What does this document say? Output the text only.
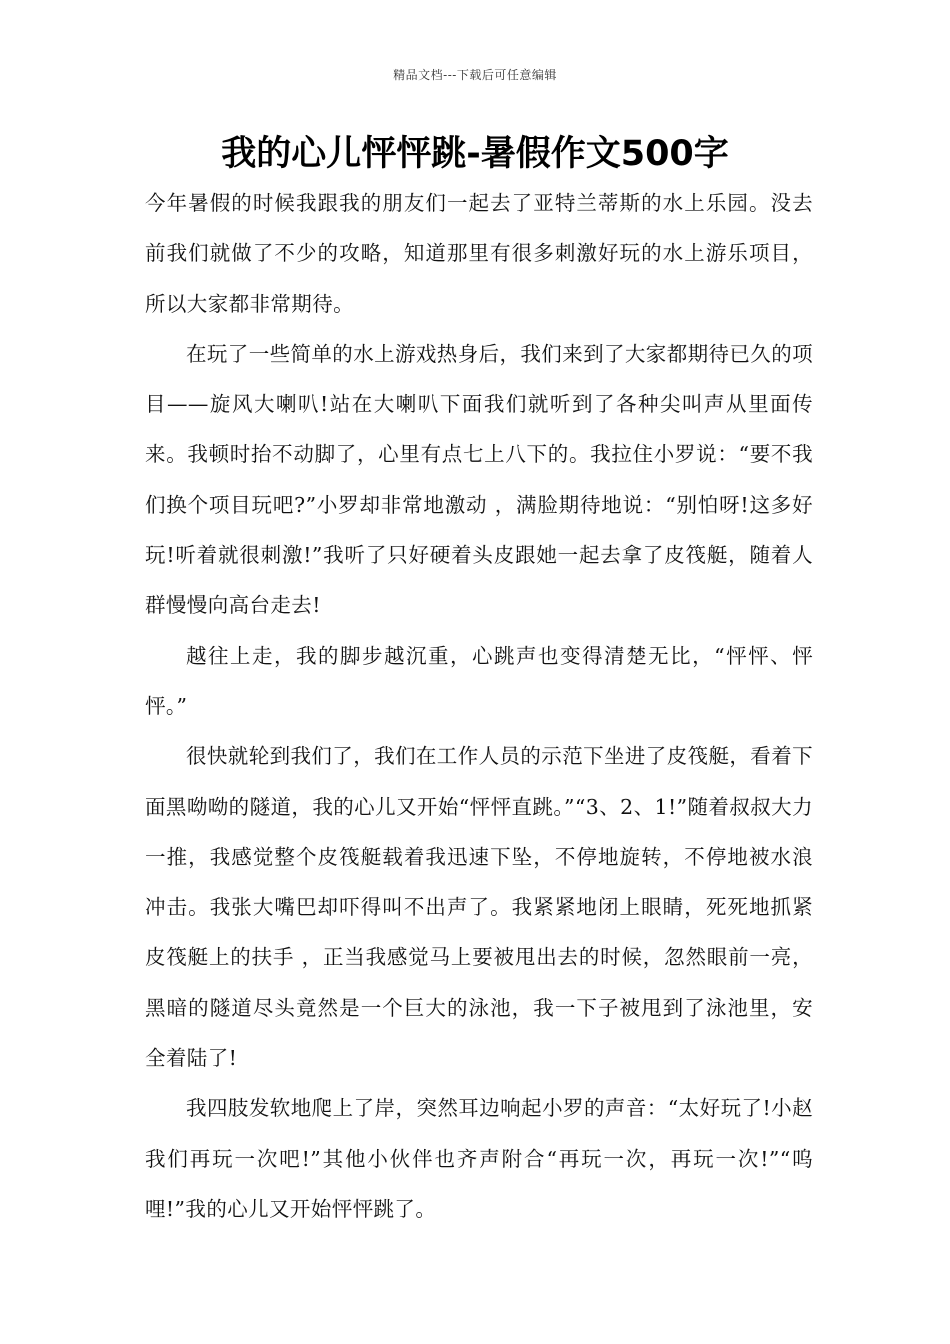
精品文档---下载后可任意编辑
我的心儿怦怦跳-暑假作文500字

今年暑假的时候我跟我的朋友们一起去了亚特兰蒂斯的水上乐园。没去前我们就做了不少的攻略，知道那里有很多刺激好玩的水上游乐项目，所以大家都非常期待。

在玩了一些简单的水上游戏热身后，我们来到了大家都期待已久的项目——旋风大喇叭!站在大喇叭下面我们就听到了各种尖叫声从里面传来。我顿时抬不动脚了，心里有点七上八下的。我拉住小罗说：“要不我们换个项目玩吧?”小罗却非常地激动 ，满脸期待地说：“别怕呀!这多好玩!听着就很刺激!”我听了只好硬着头皮跟她一起去拿了皮筏艇，随着人群慢慢向高台走去!

越往上走，我的脚步越沉重，心跳声也变得清楚无比，“怦怦、怦怦。”

很快就轮到我们了，我们在工作人员的示范下坐进了皮筏艇，看着下面黑呦呦的隧道，我的心儿又开始“怦怦直跳。”“3、2、1!”随着叔叔大力一推，我感觉整个皮筏艇载着我迅速下坠，不停地旋转，不停地被水浪冲击。我张大嘴巴却吓得叫不出声了。我紧紧地闭上眼睛，死死地抓紧皮筏艇上的扶手 ，正当我感觉马上要被甩出去的时候，忽然眼前一亮，黑暗的隧道尽头竟然是一个巨大的泳池，我一下子被甩到了泳池里，安全着陆了!

我四肢发软地爬上了岸，突然耳边响起小罗的声音：“太好玩了!小赵我们再玩一次吧!”其他小伙伴也齐声附合“再玩一次，再玩一次!”“呜哩!”我的心儿又开始怦怦跳了。
